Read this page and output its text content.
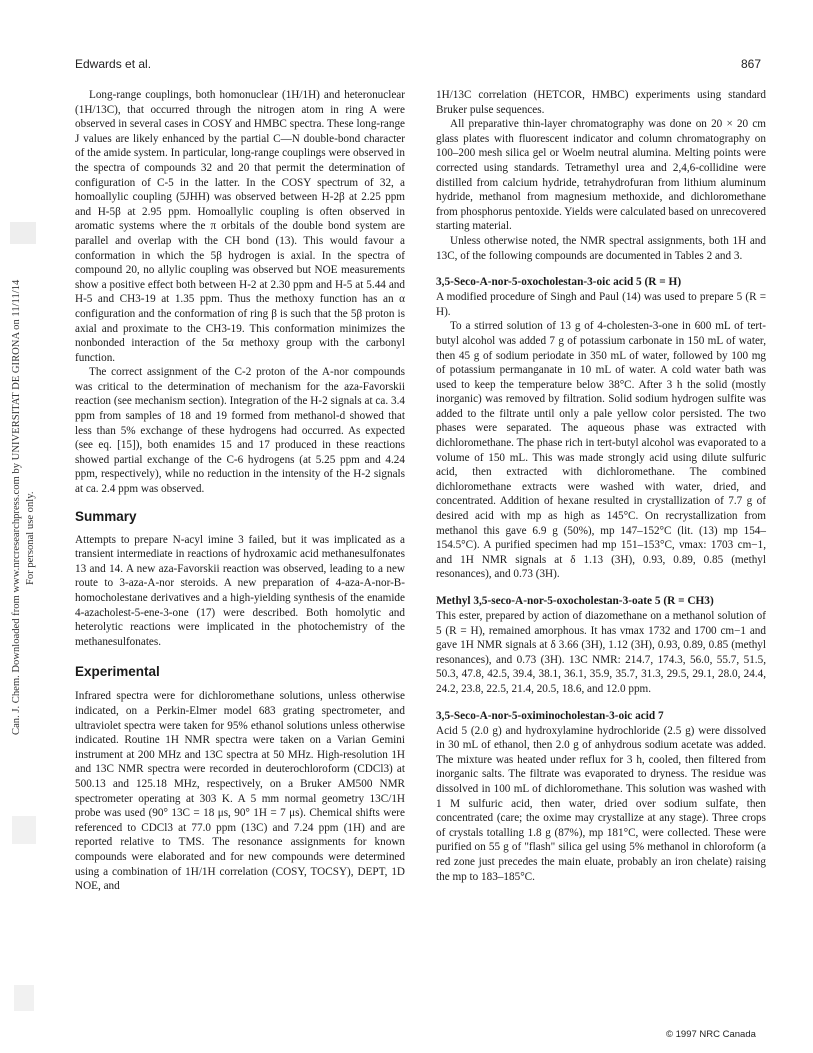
Edwards et al.	867
Can. J. Chem. Downloaded from www.nrcresearchpress.com by UNIVERSITAT DE GIRONA on 11/11/14 For personal use only.

Long-range couplings, both homonuclear (1H/1H) and heteronuclear (1H/13C), that occurred through the nitrogen atom in ring A were observed in several cases in COSY and HMBC spectra. These long-range J values are likely enhanced by the partial C—N double-bond character of the amide system. In particular, long-range couplings were observed in the spectra of compounds 32 and 20 that permit the determination of configuration of C-5 in the latter. In the COSY spectrum of 32, a homoallylic coupling (5JHH) was observed between H-2β at 2.25 ppm and H-5β at 2.95 ppm. Homoallylic coupling is often observed in aromatic systems where the π orbitals of the double bond system are parallel and overlap with the CH bond (13). This would favour a conformation in which the 5β hydrogen is axial. In the spectra of compound 20, no allylic coupling was observed but NOE measurements show a positive effect both between H-2 at 2.30 ppm and H-5 at 5.44 and H-5 and CH3-19 at 1.35 ppm. Thus the methoxy function has an α configuration and the conformation of ring β is such that the 5β proton is axial and proximate to the CH3-19. This conformation minimizes the nonbonded interaction of the 5α methoxy group with the carbonyl function.

The correct assignment of the C-2 proton of the A-nor compounds was critical to the determination of mechanism for the aza-Favorskii reaction (see mechanism section). Integration of the H-2 signals at ca. 3.4 ppm from samples of 18 and 19 formed from methanol-d showed that less than 5% exchange of these hydrogens had occurred. As expected (see eq. [15]), both enamides 15 and 17 produced in these reactions showed partial exchange of the C-6 hydrogens (at 5.25 ppm and 4.24 ppm, respectively), while no reduction in the intensity of the H-2 signals at ca. 2.4 ppm was observed.

Summary

Attempts to prepare N-acyl imine 3 failed, but it was implicated as a transient intermediate in reactions of hydroxamic acid methanesulfonates 13 and 14. A new aza-Favorskii reaction was observed, leading to a new route to 3-aza-A-nor steroids. A new preparation of 4-aza-A-nor-B-homocholestane derivatives and a high-yielding synthesis of the enamide 4-azacholest-5-ene-3-one (17) were described. Both homolytic and heterolytic reactions were implicated in the photochemistry of the methanesulfonates.

Experimental

Infrared spectra were for dichloromethane solutions, unless otherwise indicated, on a Perkin-Elmer model 683 grating spectrometer, and ultraviolet spectra were taken for 95% ethanol solutions unless otherwise indicated. Routine 1H NMR spectra were taken on a Varian Gemini instrument at 200 MHz and 13C spectra at 50 MHz. High-resolution 1H and 13C NMR spectra were recorded in deuterochloroform (CDCl3) at 500.13 and 125.18 MHz, respectively, on a Bruker AM500 NMR spectrometer operating at 303 K. A 5 mm normal geometry 13C/1H probe was used (90° 13C = 18 μs, 90° 1H = 7 μs). Chemical shifts were referenced to CDCl3 at 77.0 ppm (13C) and 7.24 ppm (1H) and are reported relative to TMS. The resonance assignments for known compounds were elaborated and for new compounds were determined using a combination of 1H/1H correlation (COSY, TOCSY), DEPT, 1D NOE, and

1H/13C correlation (HETCOR, HMBC) experiments using standard Bruker pulse sequences.

All preparative thin-layer chromatography was done on 20 × 20 cm glass plates with fluorescent indicator and column chromatography on 100–200 mesh silica gel or Woelm neutral alumina. Melting points were corrected using standards. Tetramethyl urea and 2,4,6-collidine were distilled from calcium hydride, tetrahydrofuran from lithium aluminum hydride, methanol from magnesium methoxide, and dichloromethane from phosphorus pentoxide. Yields were calculated based on unrecovered starting material.

Unless otherwise noted, the NMR spectral assignments, both 1H and 13C, of the following compounds are documented in Tables 2 and 3.

3,5-Seco-A-nor-5-oxocholestan-3-oic acid 5 (R = H)

A modified procedure of Singh and Paul (14) was used to prepare 5 (R = H).

To a stirred solution of 13 g of 4-cholesten-3-one in 600 mL of tert-butyl alcohol was added 7 g of potassium carbonate in 150 mL of water, then 45 g of sodium periodate in 350 mL of water, followed by 100 mg of potassium permanganate in 10 mL of water. A cold water bath was used to keep the temperature below 38°C. After 3 h the solid (mostly inorganic) was removed by filtration. Solid sodium hydrogen sulfite was added to the filtrate until only a pale yellow color persisted. The two phases were separated. The aqueous phase was extracted with dichloromethane. The phase rich in tert-butyl alcohol was evaporated to a volume of 150 mL. This was made strongly acid using dilute sulfuric acid, then extracted with dichloromethane. The combined dichloromethane extracts were washed with water, dried, and concentrated. Addition of hexane resulted in crystallization of 7.7 g of desired acid with mp as high as 145°C. On recrystallization from methanol this gave 6.9 g (50%), mp 147–152°C (lit. (13) mp 154–154.5°C). A purified specimen had mp 151–153°C, νmax: 1703 cm−1, and 1H NMR signals at δ 1.13 (3H), 0.93, 0.89, 0.85 (methyl resonances), and 0.73 (3H).

Methyl 3,5-seco-A-nor-5-oxocholestan-3-oate 5 (R = CH3)

This ester, prepared by action of diazomethane on a methanol solution of 5 (R = H), remained amorphous. It has νmax 1732 and 1700 cm−1 and gave 1H NMR signals at δ 3.66 (3H), 1.12 (3H), 0.93, 0.89, 0.85 (methyl resonances), and 0.73 (3H). 13C NMR: 214.7, 174.3, 56.0, 55.7, 51.5, 50.3, 47.8, 42.5, 39.4, 38.1, 36.1, 35.9, 35.7, 31.3, 29.5, 29.1, 28.0, 24.4, 24.2, 23.8, 22.5, 21.4, 20.5, 18.6, and 12.0 ppm.

3,5-Seco-A-nor-5-oximinocholestan-3-oic acid 7

Acid 5 (2.0 g) and hydroxylamine hydrochloride (2.5 g) were dissolved in 30 mL of ethanol, then 2.0 g of anhydrous sodium acetate was added. The mixture was heated under reflux for 3 h, cooled, then filtered from inorganic salts. The filtrate was evaporated to dryness. The residue was dissolved in 100 mL of dichloromethane. This solution was washed with 1 M sulfuric acid, then water, dried over sodium sulfate, then concentrated (care; the oxime may crystallize at any stage). Three crops of crystals totalling 1.8 g (87%), mp 181°C, were collected. These were purified on 55 g of "flash" silica gel using 5% methanol in chloroform (a red zone just precedes the main eluate, probably an iron chelate) raising the mp to 183–185°C.

© 1997 NRC Canada
